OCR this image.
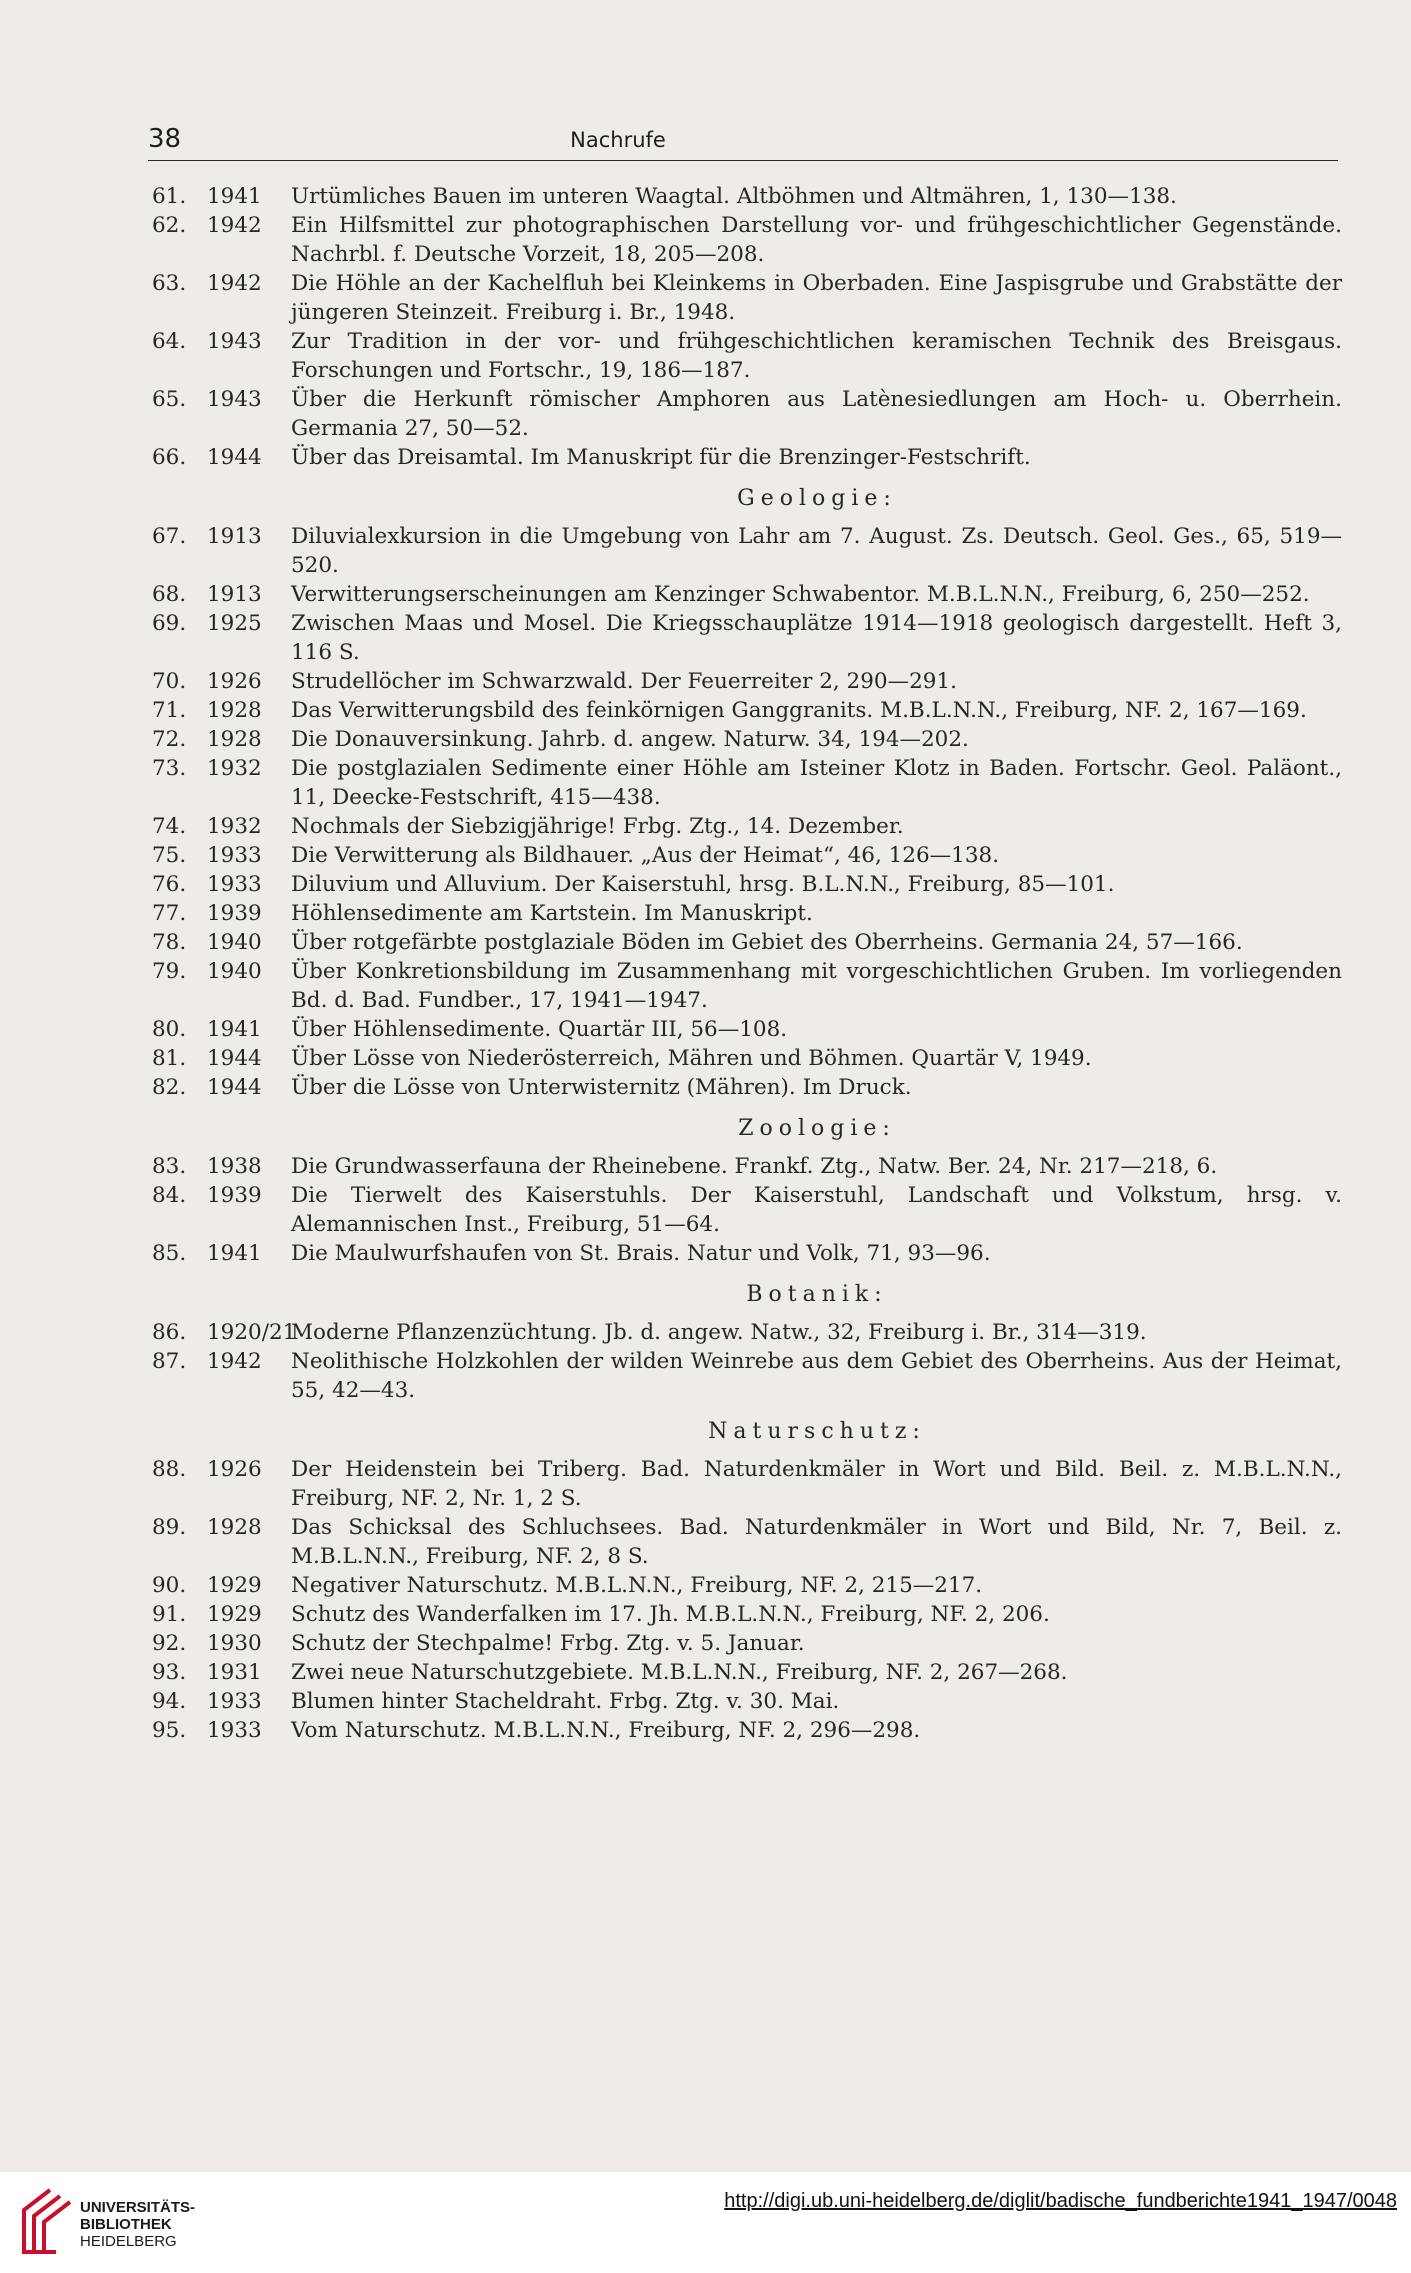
38	Nachrufe
61. 1941 Urtümliches Bauen im unteren Waagtal. Altböhmen und Altmähren, 1, 130—138.
62. 1942 Ein Hilfsmittel zur photographischen Darstellung vor- und frühgeschichtlicher Gegenstände. Nachrbl. f. Deutsche Vorzeit, 18, 205—208.
63. 1942 Die Höhle an der Kachelfluh bei Kleinkems in Oberbaden. Eine Jaspisgrube und Grabstätte der jüngeren Steinzeit. Freiburg i. Br., 1948.
64. 1943 Zur Tradition in der vor- und frühgeschichtlichen keramischen Technik des Breisgaus. Forschungen und Fortschr., 19, 186—187.
65. 1943 Über die Herkunft römischer Amphoren aus Latènesiedlungen am Hoch- u. Oberrhein. Germania 27, 50—52.
66. 1944 Über das Dreisamtal. Im Manuskript für die Brenzinger-Festschrift.
Geologie:
67. 1913 Diluvialexkursion in die Umgebung von Lahr am 7. August. Zs. Deutsch. Geol. Ges., 65, 519—520.
68. 1913 Verwitterungserscheinungen am Kenzinger Schwabentor. M.B.L.N.N., Freiburg, 6, 250—252.
69. 1925 Zwischen Maas und Mosel. Die Kriegsschauplätze 1914—1918 geologisch dargestellt. Heft 3, 116 S.
70. 1926 Strudellöcher im Schwarzwald. Der Feuerreiter 2, 290—291.
71. 1928 Das Verwitterungsbild des feinkörnigen Ganggranits. M.B.L.N.N., Freiburg, NF. 2, 167—169.
72. 1928 Die Donauversinkung. Jahrb. d. angew. Naturw. 34, 194—202.
73. 1932 Die postglazialen Sedimente einer Höhle am Isteiner Klotz in Baden. Fortschr. Geol. Paläont., 11, Deecke-Festschrift, 415—438.
74. 1932 Nochmals der Siebzigjährige! Frbg. Ztg., 14. Dezember.
75. 1933 Die Verwitterung als Bildhauer. „Aus der Heimat“, 46, 126—138.
76. 1933 Diluvium und Alluvium. Der Kaiserstuhl, hrsg. B.L.N.N., Freiburg, 85—101.
77. 1939 Höhlensedimente am Kartstein. Im Manuskript.
78. 1940 Über rotgefärbte postglaziale Böden im Gebiet des Oberrheins. Germania 24, 57—166.
79. 1940 Über Konkretionsbildung im Zusammenhang mit vorgeschichtlichen Gruben. Im vorliegenden Bd. d. Bad. Fundber., 17, 1941—1947.
80. 1941 Über Höhlensedimente. Quartär III, 56—108.
81. 1944 Über Lösse von Niederösterreich, Mähren und Böhmen. Quartär V, 1949.
82. 1944 Über die Lösse von Unterwisternitz (Mähren). Im Druck.
Zoologie:
83. 1938 Die Grundwasserfauna der Rheinebene. Frankf. Ztg., Natw. Ber. 24, Nr. 217—218, 6.
84. 1939 Die Tierwelt des Kaiserstuhls. Der Kaiserstuhl, Landschaft und Volkstum, hrsg. v. Alemannischen Inst., Freiburg, 51—64.
85. 1941 Die Maulwurfshaufen von St. Brais. Natur und Volk, 71, 93—96.
Botanik:
86. 1920/21
Moderne Pflanzenzüchtung. Jb. d. angew. Natw., 32, Freiburg i. Br., 314—319.
87. 1942 Neolithische Holzkohlen der wilden Weinrebe aus dem Gebiet des Oberrheins. Aus der Heimat, 55, 42—43.
Naturschutz:
88. 1926 Der Heidenstein bei Triberg. Bad. Naturdenkmäler in Wort und Bild. Beil. z. M.B.L.N.N., Freiburg, NF. 2, Nr. 1, 2 S.
89. 1928 Das Schicksal des Schluchsees. Bad. Naturdenkmäler in Wort und Bild, Nr. 7, Beil. z. M.B.L.N.N., Freiburg, NF. 2, 8 S.
90. 1929 Negativer Naturschutz. M.B.L.N.N., Freiburg, NF. 2, 215—217.
91. 1929 Schutz des Wanderfalken im 17. Jh. M.B.L.N.N., Freiburg, NF. 2, 206.
92. 1930 Schutz der Stechpalme! Frbg. Ztg. v. 5. Januar.
93. 1931 Zwei neue Naturschutzgebiete. M.B.L.N.N., Freiburg, NF. 2, 267—268.
94. 1933 Blumen hinter Stacheldraht. Frbg. Ztg. v. 30. Mai.
95. 1933 Vom Naturschutz. M.B.L.N.N., Freiburg, NF. 2, 296—298.
UNIVERSITÄTS-
BIBLIOTHEK
HEIDELBERG
http://digi.ub.uni-heidelberg.de/diglit/badische_fundberichte1941_1947/0048
